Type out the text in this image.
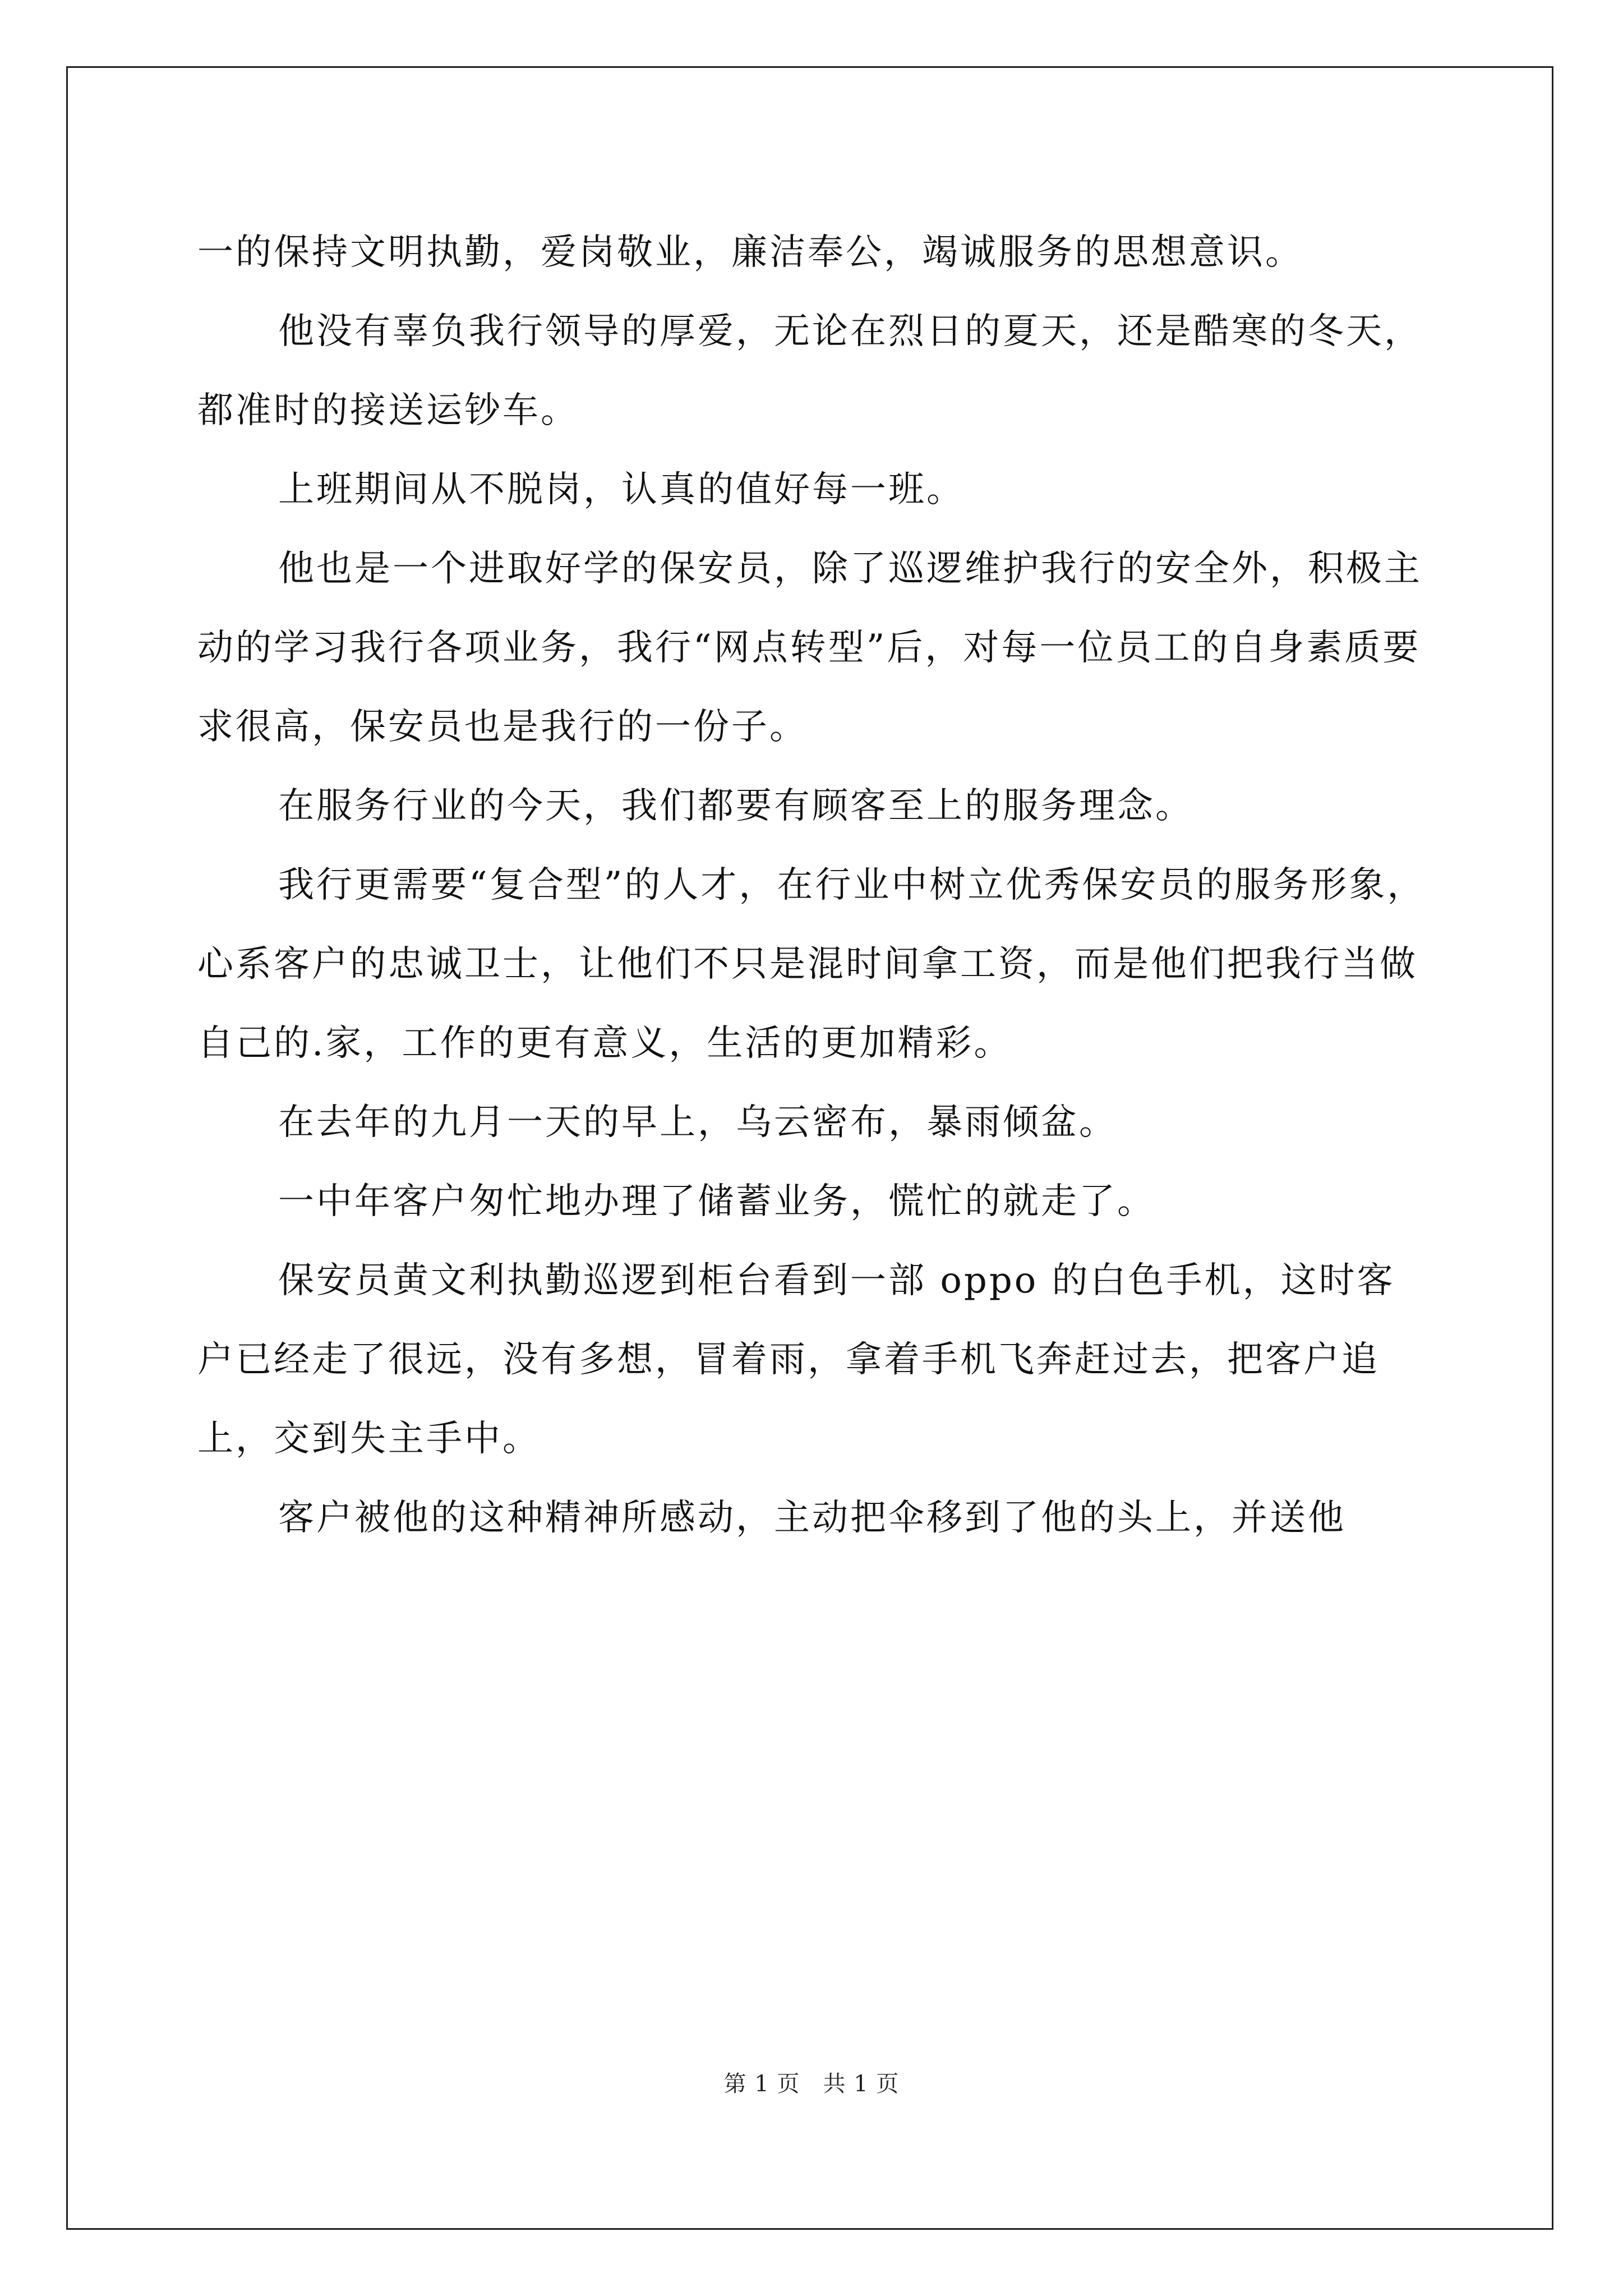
一的保持文明执勤，爱岗敬业，廉洁奉公，竭诚服务的思想意识。

他没有辜负我行领导的厚爱，无论在烈日的夏天，还是酷寒的冬天，都准时的接送运钞车。

上班期间从不脱岗，认真的值好每一班。

他也是一个进取好学的保安员，除了巡逻维护我行的安全外，积极主动的学习我行各项业务，我行“网点转型”后，对每一位员工的自身素质要求很高，保安员也是我行的一份子。

在服务行业的今天，我们都要有顾客至上的服务理念。

我行更需要“复合型”的人才，在行业中树立优秀保安员的服务形象，心系客户的忠诚卫士，让他们不只是混时间拿工资，而是他们把我行当做自己的.家，工作的更有意义，生活的更加精彩。

在去年的九月一天的早上，乌云密布，暴雨倾盆。

一中年客户匆忙地办理了储蓄业务，慌忙的就走了。

保安员黄文利执勤巡逻到柜台看到一部 oppo 的白色手机，这时客户已经走了很远，没有多想，冒着雨，拿着手机飞奔赶过去，把客户追上，交到失主手中。

客户被他的这种精神所感动，主动把伞移到了他的头上，并送他

第 1 页　共 1 页
